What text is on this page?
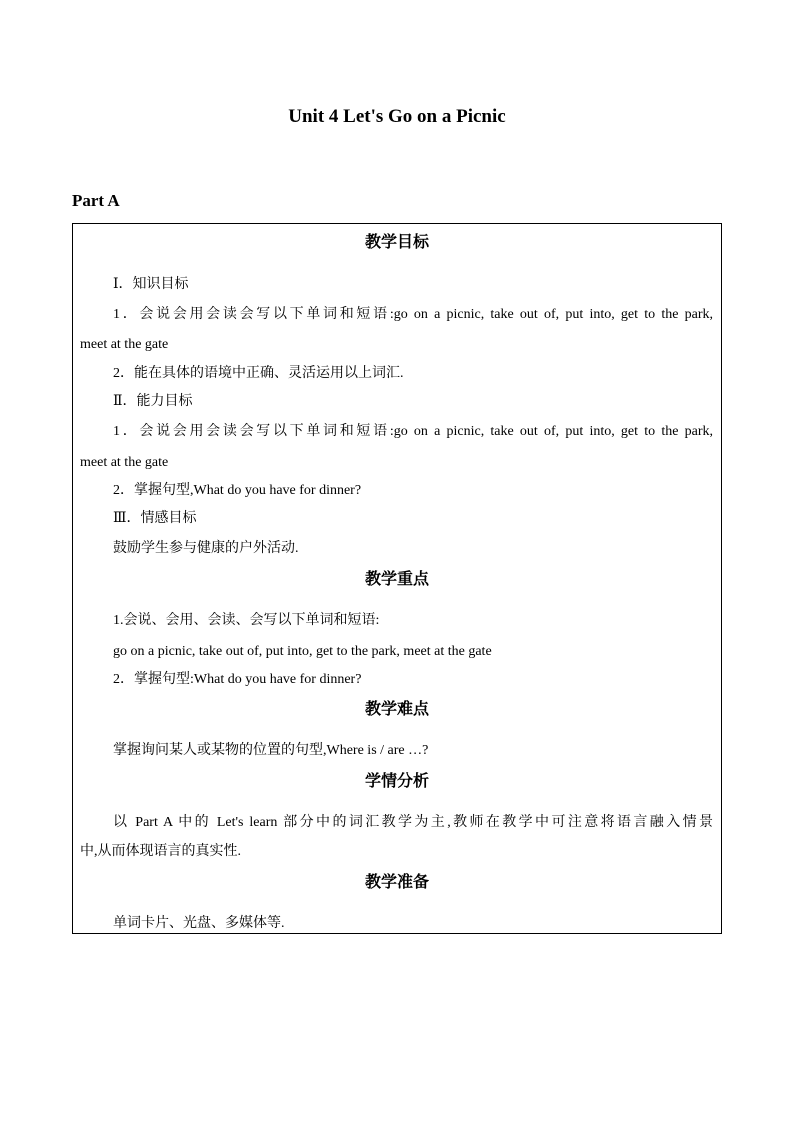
Unit 4 Let's Go on a Picnic
Part A
教学目标
Ⅰ．知识目标
1．会说会用会读会写以下单词和短语:go on a picnic, take out of, put into, get to the park,
meet at the gate
2．能在具体的语境中正确、灵活运用以上词汇.
Ⅱ．能力目标
1．会说会用会读会写以下单词和短语:go on a picnic, take out of, put into, get to the park,
meet at the gate
2．掌握句型,What do you have for dinner?
Ⅲ．情感目标
鼓励学生参与健康的户外活动.
教学重点
1.会说、会用、会读、会写以下单词和短语:
go on a picnic, take out of, put into, get to the park, meet at the gate
2．掌握句型:What do you have for dinner?
教学难点
掌握询问某人或某物的位置的句型,Where is / are …?
学情分析
以 Part A 中的 Let's learn 部分中的词汇教学为主,教师在教学中可注意将语言融入情景
中,从而体现语言的真实性.
教学准备
单词卡片、光盘、多媒体等.
